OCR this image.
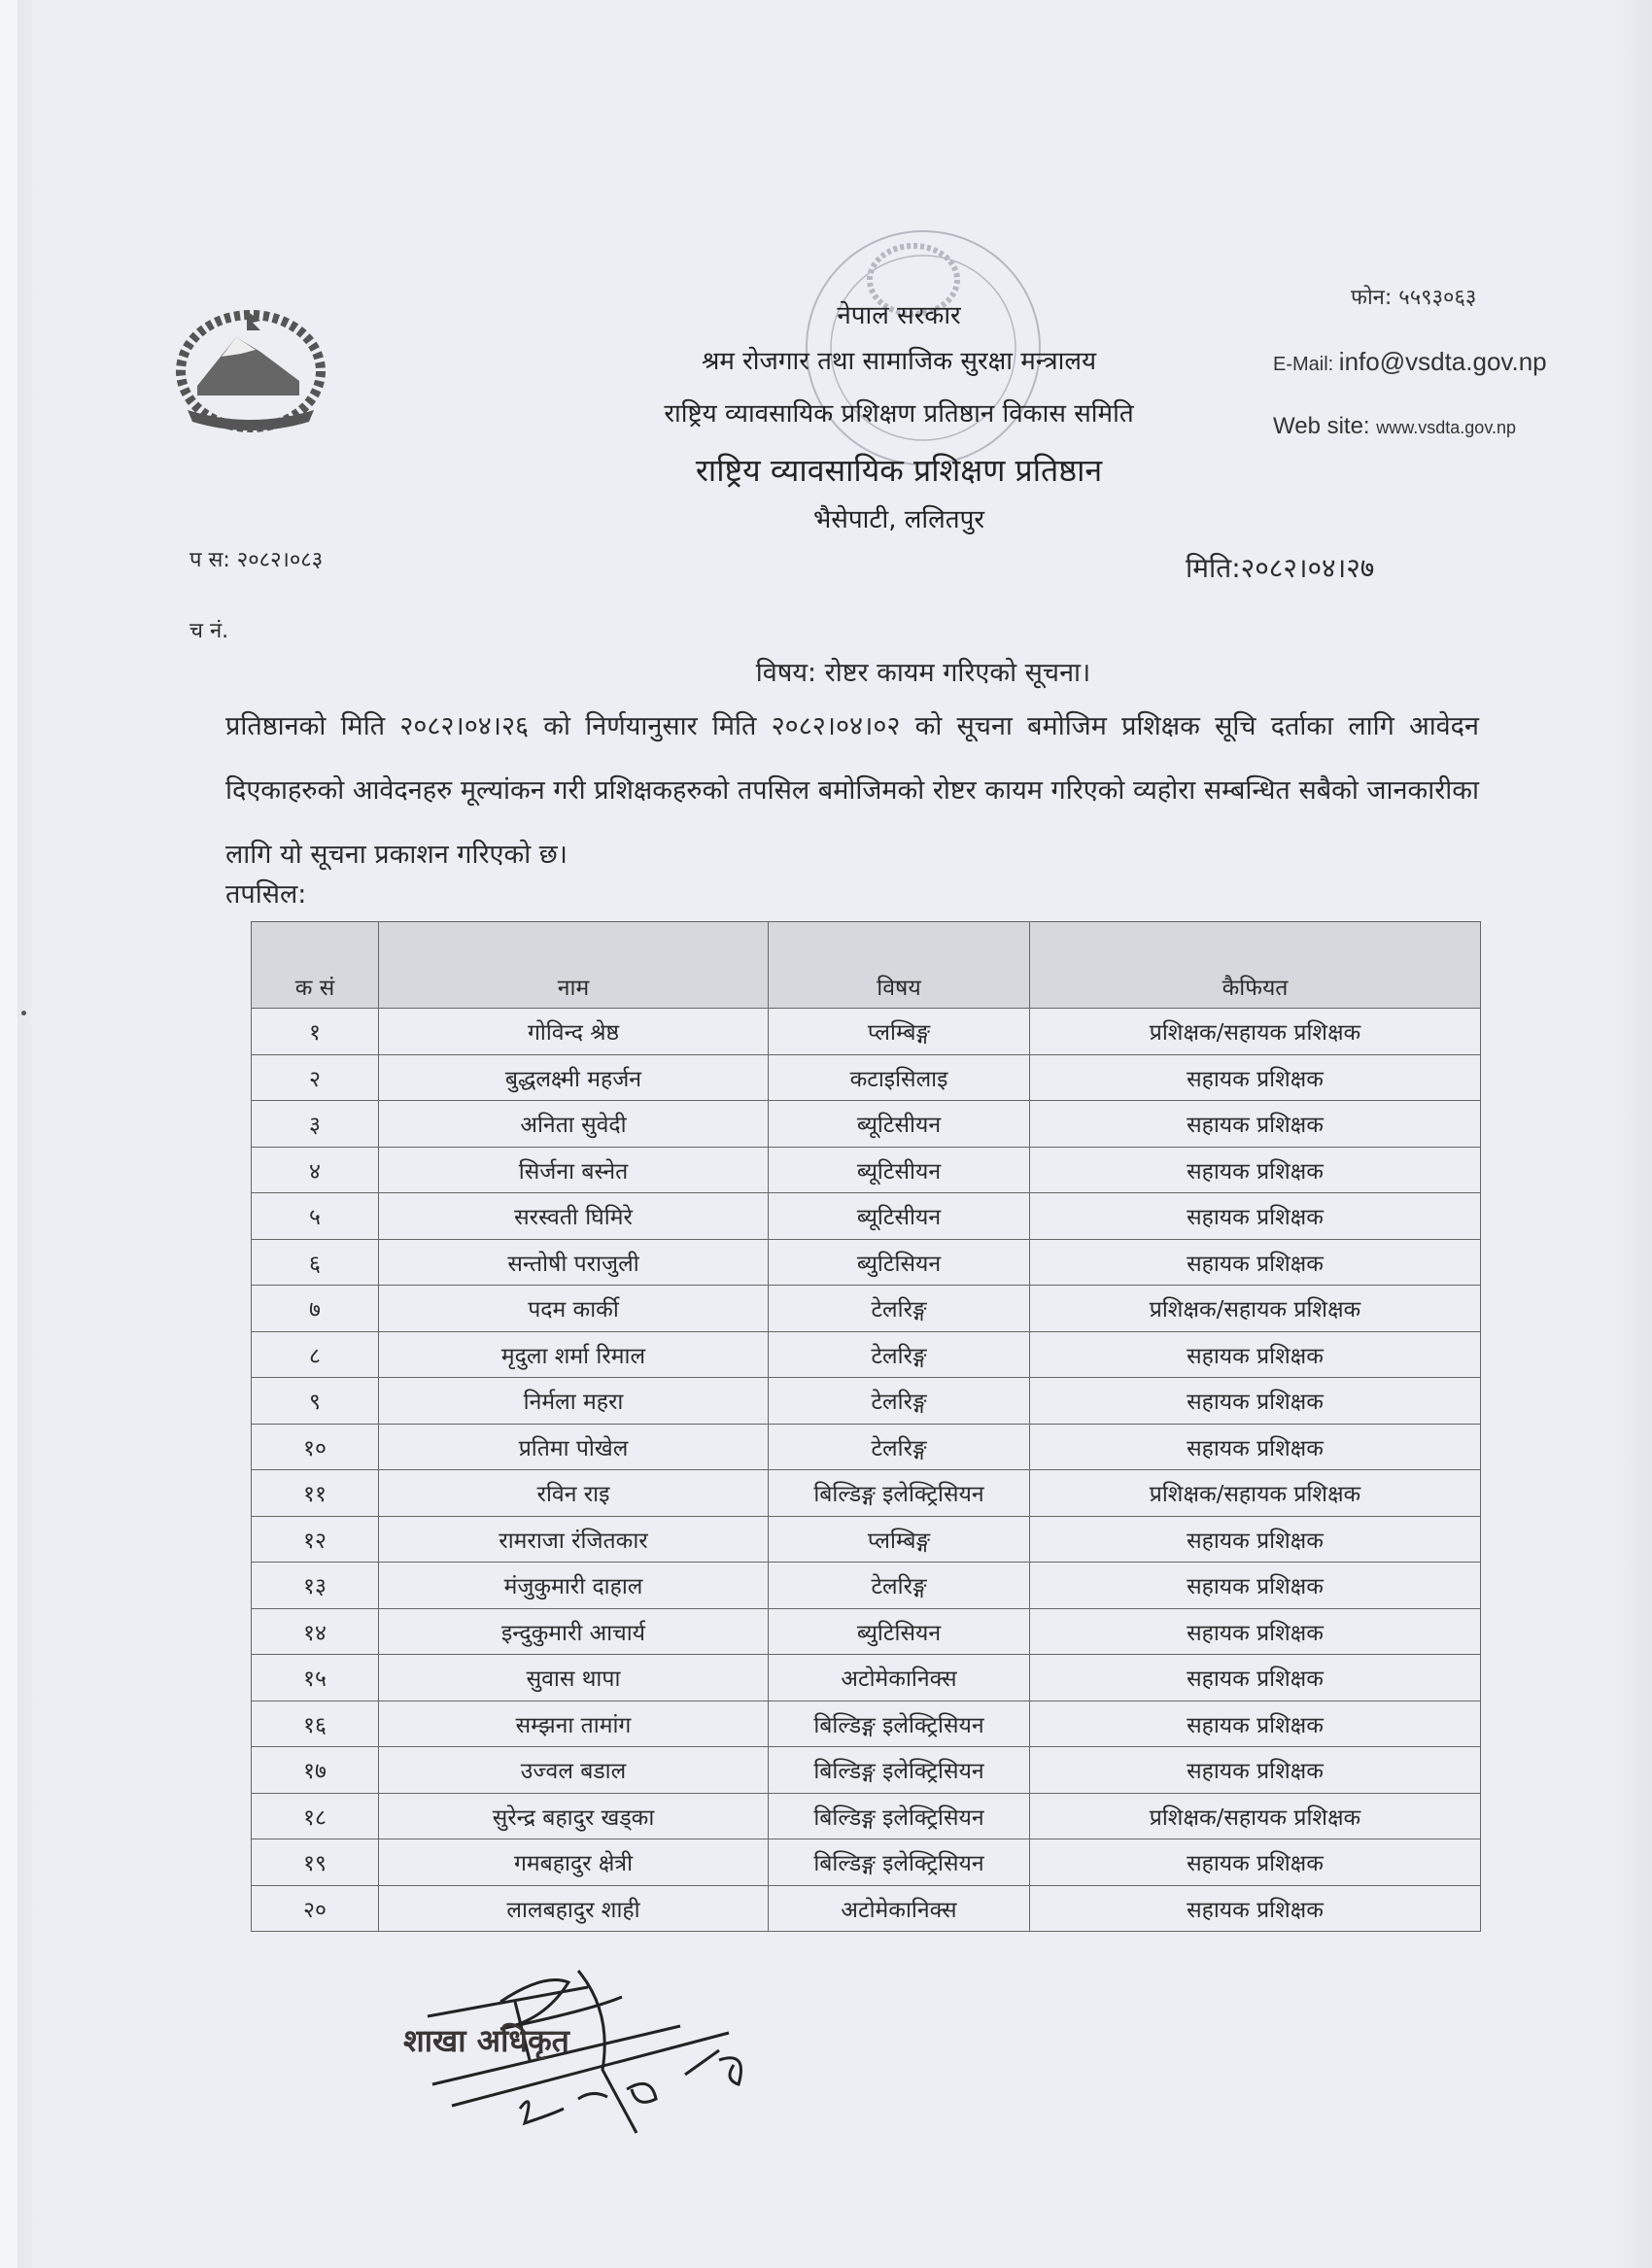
नेपाल सरकार
श्रम रोजगार तथा सामाजिक सुरक्षा मन्त्रालय
राष्ट्रिय व्यावसायिक प्रशिक्षण प्रतिष्ठान विकास समिति
राष्ट्रिय व्यावसायिक प्रशिक्षण प्रतिष्ठान
भैसेपाटी, ललितपुर
फोन: ५५९३०६३
E-Mail: info@vsdta.gov.np
Web site: www.vsdta.gov.np
प स: २०८२।०८३
च नं.
मिति:२०८२।०४।२७
विषय: रोष्टर कायम गरिएको सूचना।
प्रतिष्ठानको मिति २०८२।०४।२६ को निर्णयानुसार मिति २०८२।०४।०२ को सूचना बमोजिम प्रशिक्षक सूचि दर्ताका लागि आवेदन दिएकाहरुको आवेदनहरु मूल्यांकन गरी प्रशिक्षकहरुको तपसिल बमोजिमको रोष्टर कायम गरिएको व्यहोरा सम्बन्धित सबैको जानकारीका लागि यो सूचना प्रकाशन गरिएको छ।
तपसिल:
क सं	नाम	विषय	कैफियत
१	गोविन्द श्रेष्ठ	प्लम्बिङ्ग	प्रशिक्षक/सहायक प्रशिक्षक
२	बुद्धलक्ष्मी महर्जन	कटाइसिलाइ	सहायक प्रशिक्षक
३	अनिता सुवेदी	ब्यूटिसीयन	सहायक प्रशिक्षक
४	सिर्जना बस्नेत	ब्यूटिसीयन	सहायक प्रशिक्षक
५	सरस्वती घिमिरे	ब्यूटिसीयन	सहायक प्रशिक्षक
६	सन्तोषी पराजुली	ब्युटिसियन	सहायक प्रशिक्षक
७	पदम कार्की	टेलरिङ्ग	प्रशिक्षक/सहायक प्रशिक्षक
८	मृदुला शर्मा रिमाल	टेलरिङ्ग	सहायक प्रशिक्षक
९	निर्मला महरा	टेलरिङ्ग	सहायक प्रशिक्षक
१०	प्रतिमा पोखेल	टेलरिङ्ग	सहायक प्रशिक्षक
११	रविन राइ	बिल्डिङ्ग इलेक्ट्रिसियन	प्रशिक्षक/सहायक प्रशिक्षक
१२	रामराजा रंजितकार	प्लम्बिङ्ग	सहायक प्रशिक्षक
१३	मंजुकुमारी दाहाल	टेलरिङ्ग	सहायक प्रशिक्षक
१४	इन्दुकुमारी आचार्य	ब्युटिसियन	सहायक प्रशिक्षक
१५	सुवास थापा	अटोमेकानिक्स	सहायक प्रशिक्षक
१६	सम्झना तामांग	बिल्डिङ्ग इलेक्ट्रिसियन	सहायक प्रशिक्षक
१७	उज्वल बडाल	बिल्डिङ्ग इलेक्ट्रिसियन	सहायक प्रशिक्षक
१८	सुरेन्द्र बहादुर खड्का	बिल्डिङ्ग इलेक्ट्रिसियन	प्रशिक्षक/सहायक प्रशिक्षक
१९	गमबहादुर क्षेत्री	बिल्डिङ्ग इलेक्ट्रिसियन	सहायक प्रशिक्षक
२०	लालबहादुर शाही	अटोमेकानिक्स	सहायक प्रशिक्षक
शाखा अधिकृत
